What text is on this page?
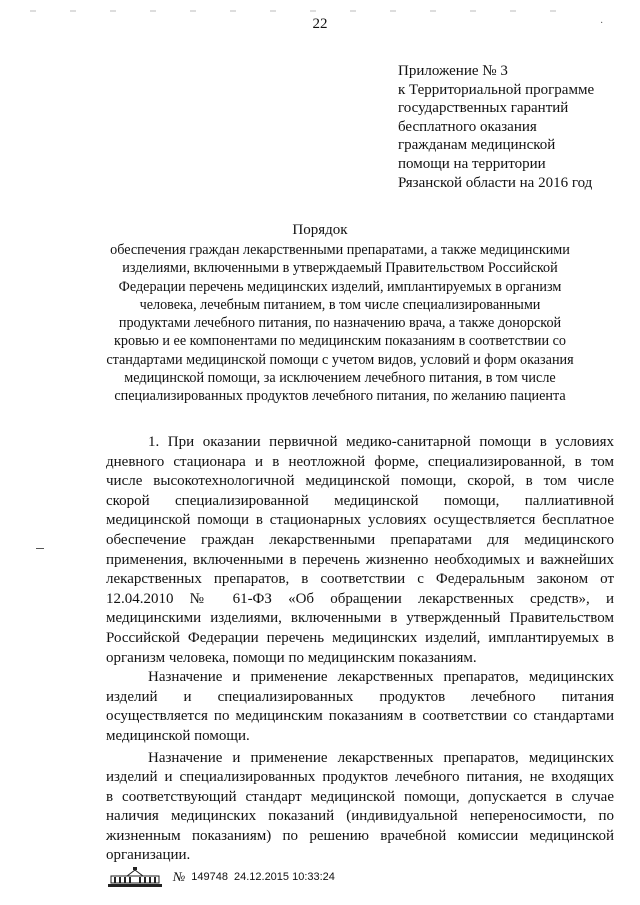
·
22
Приложение № 3
к Территориальной программе
государственных гарантий
бесплатного оказания
гражданам медицинской
помощи на территории
Рязанской области на 2016 год
Порядок
обеспечения граждан лекарственными препаратами, а также медицинскими
изделиями, включенными в утверждаемый Правительством Российской
Федерации перечень медицинских изделий, имплантируемых в организм
человека, лечебным питанием, в том числе специализированными
продуктами лечебного питания, по назначению врача, а также донорской
кровью и ее компонентами по медицинским показаниям в соответствии со
стандартами медицинской помощи с учетом видов, условий и форм оказания
медицинской помощи, за исключением лечебного питания, в том числе
специализированных продуктов лечебного питания, по желанию пациента
1. При оказании первичной медико-санитарной помощи в условиях
дневного стационара и в неотложной форме, специализированной, в том
числе высокотехнологичной медицинской помощи, скорой, в том числе
скорой специализированной медицинской помощи, паллиативной
медицинской помощи в стационарных условиях осуществляется бесплатное
обеспечение граждан лекарственными препаратами для медицинского
применения, включенными в перечень жизненно необходимых и важнейших
лекарственных препаратов, в соответствии с Федеральным законом от
12.04.2010 № 61-ФЗ «Об обращении лекарственных средств», и
медицинскими изделиями, включенными в утвержденный Правительством
Российской Федерации перечень медицинских изделий, имплантируемых в
организм человека, помощи по медицинским показаниям.
Назначение и применение лекарственных препаратов, медицинских
изделий и специализированных продуктов лечебного питания
осуществляется по медицинским показаниям в соответствии со стандартами
медицинской помощи.
Назначение и применение лекарственных препаратов, медицинских
изделий и специализированных продуктов лечебного питания, не входящих
в соответствующий стандарт медицинской помощи, допускается в случае
наличия медицинских показаний (индивидуальной непереносимости, по
жизненным показаниям) по решению врачебной комиссии медицинской
организации.
№ 149748 24.12.2015 10:33:24
